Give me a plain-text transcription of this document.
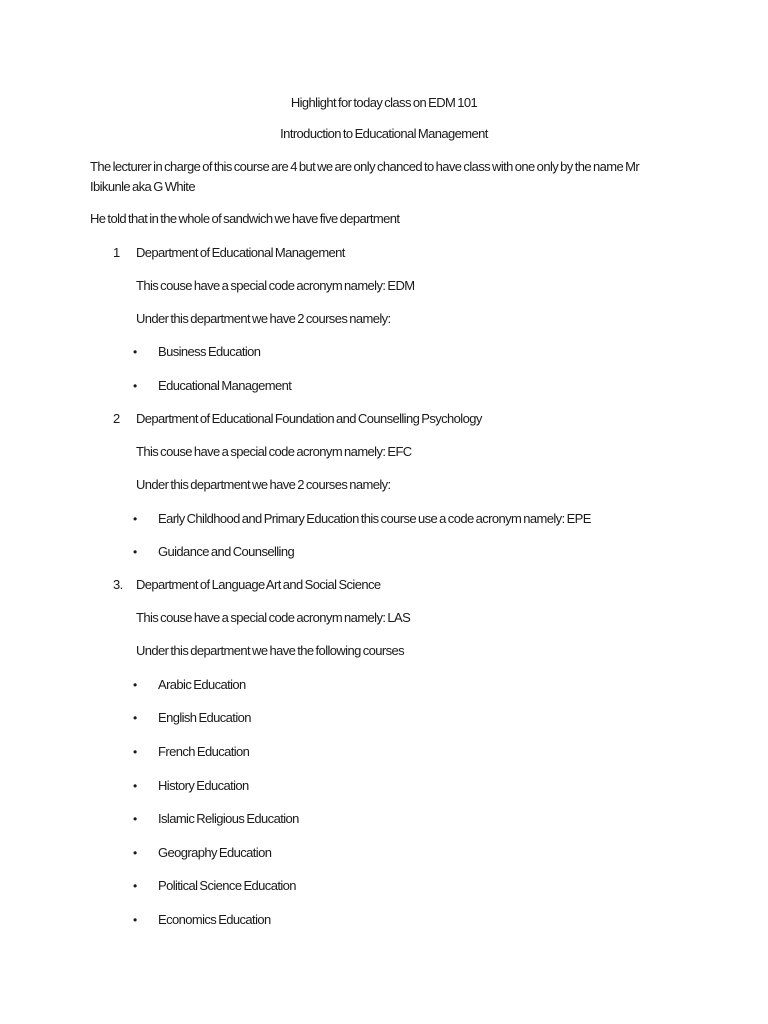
Highlight for today class on EDM 101
Introduction to Educational Management
The lecturer in charge of this course are 4 but we are only chanced to have class with one only by the name Mr Ibikunle aka G White
He told that in the whole of sandwich we have five department
1 Department of Educational Management
This couse have a special code acronym namely: EDM
Under this department we have 2 courses namely:
• Business Education
• Educational Management
2 Department of Educational Foundation and Counselling Psychology
This couse have a special code acronym namely: EFC
Under this department we have 2 courses namely:
• Early Childhood and Primary Education this course use a code acronym namely: EPE
• Guidance and Counselling
3. Department of Language Art and Social Science
This couse have a special code acronym namely: LAS
Under this department we have the following courses
• Arabic Education
• English Education
• French Education
• History Education
• Islamic Religious Education
• Geography Education
• Political Science Education
• Economics Education
